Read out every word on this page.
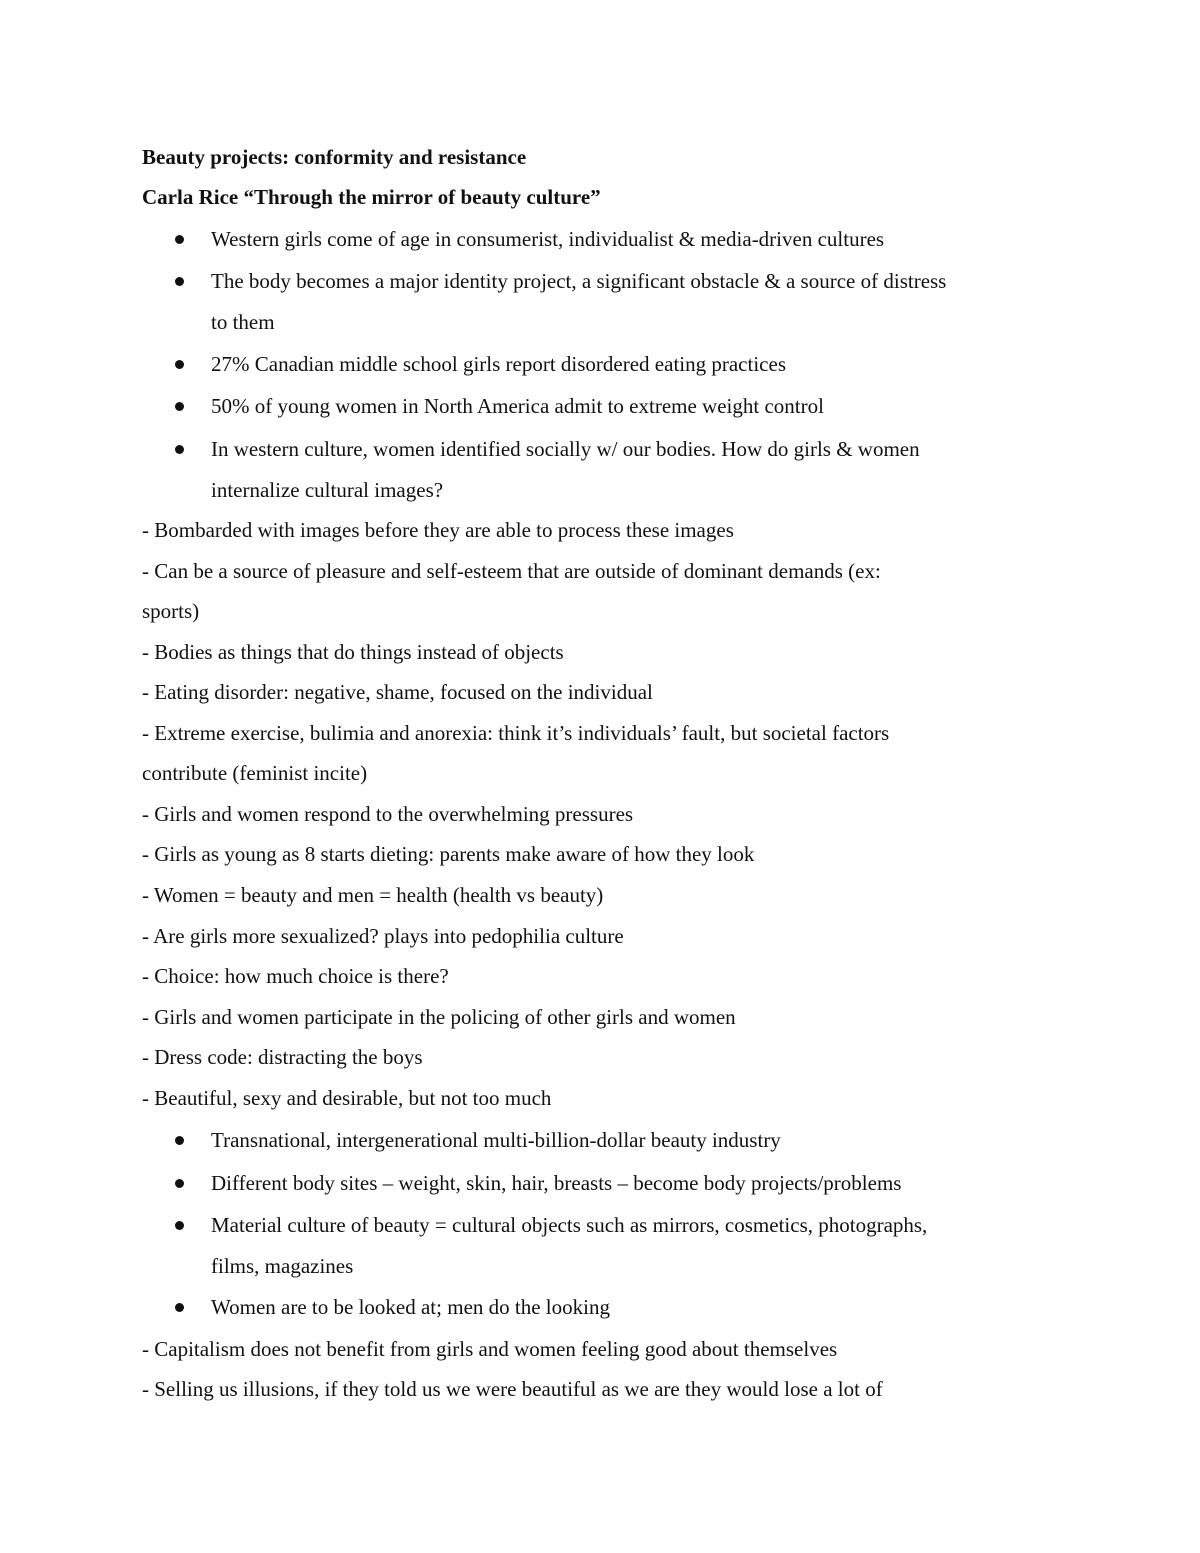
Beauty projects: conformity and resistance
Carla Rice “Through the mirror of beauty culture”
Western girls come of age in consumerist, individualist & media-driven cultures
The body becomes a major identity project, a significant obstacle & a source of distress
to them
27% Canadian middle school girls report disordered eating practices
50% of young women in North America admit to extreme weight control
In western culture, women identified socially w/ our bodies. How do girls & women
internalize cultural images?
- Bombarded with images before they are able to process these images
- Can be a source of pleasure and self-esteem that are outside of dominant demands (ex:
sports)
- Bodies as things that do things instead of objects
- Eating disorder: negative, shame, focused on the individual
- Extreme exercise, bulimia and anorexia: think it’s individuals’ fault, but societal factors
contribute (feminist incite)
- Girls and women respond to the overwhelming pressures
- Girls as young as 8 starts dieting: parents make aware of how they look
- Women = beauty and men = health (health vs beauty)
- Are girls more sexualized? plays into pedophilia culture
- Choice: how much choice is there?
- Girls and women participate in the policing of other girls and women
- Dress code: distracting the boys
- Beautiful, sexy and desirable, but not too much
Transnational, intergenerational multi-billion-dollar beauty industry
Different body sites – weight, skin, hair, breasts – become body projects/problems
Material culture of beauty = cultural objects such as mirrors, cosmetics, photographs,
films, magazines
Women are to be looked at; men do the looking
- Capitalism does not benefit from girls and women feeling good about themselves
- Selling us illusions, if they told us we were beautiful as we are they would lose a lot of
